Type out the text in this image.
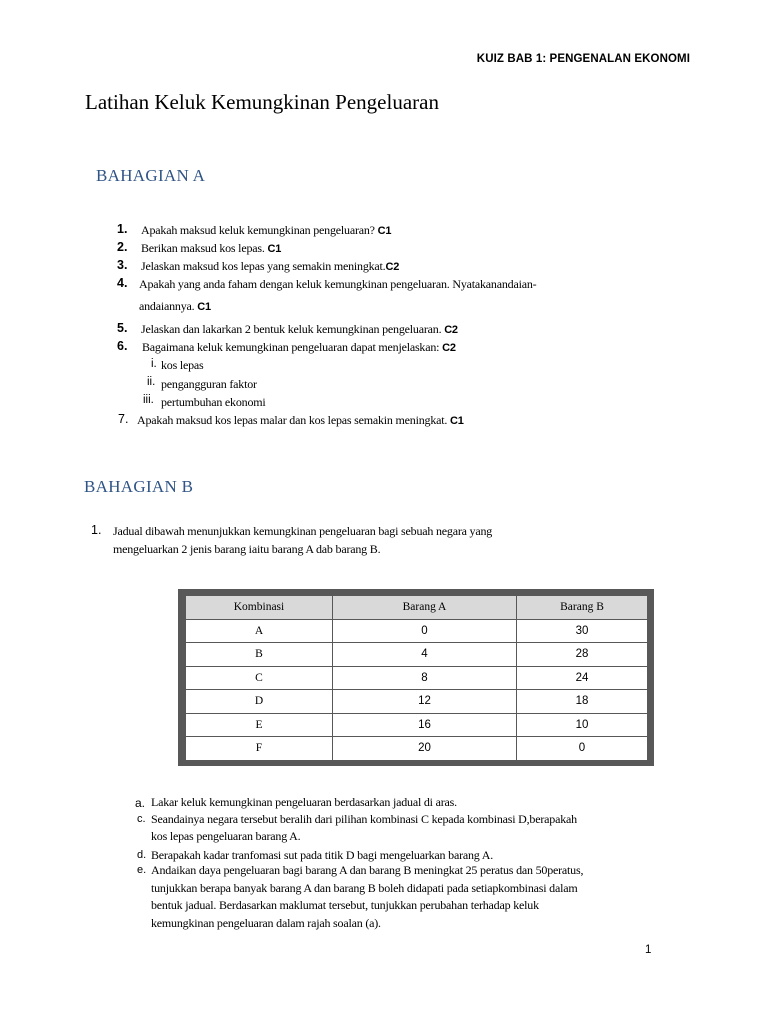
KUIZ BAB 1: PENGENALAN EKONOMI
Latihan Keluk Kemungkinan Pengeluaran
BAHAGIAN A
1. Apakah maksud keluk kemungkinan pengeluaran? C1
2. Berikan maksud kos lepas. C1
3. Jelaskan maksud kos lepas yang semakin meningkat.C2
4. Apakah yang anda faham dengan keluk kemungkinan pengeluaran. Nyatakanandaian-
andaiannya. C1
5. Jelaskan dan lakarkan 2 bentuk keluk kemungkinan pengeluaran. C2
6. Bagaimana keluk kemungkinan pengeluaran dapat menjelaskan: C2
i. kos lepas
ii. pengangguran faktor
iii. pertumbuhan ekonomi
7. Apakah maksud kos lepas malar dan kos lepas semakin meningkat. C1
BAHAGIAN B
1. Jadual dibawah menunjukkan kemungkinan pengeluaran bagi sebuah negara yang
mengeluarkan 2 jenis barang iaitu barang A dab barang B.
Kombinasi	Barang A	Barang B
A	0	30
B	4	28
C	8	24
D	12	18
E	16	10
F	20	0
a. Lakar keluk kemungkinan pengeluaran berdasarkan jadual di aras.
c. Seandainya negara tersebut beralih dari pilihan kombinasi C kepada kombinasi D,berapakah
kos lepas pengeluaran barang A.
d. Berapakah kadar tranfomasi sut pada titik D bagi mengeluarkan barang A.
e. Andaikan daya pengeluaran bagi barang A dan barang B meningkat 25 peratus dan 50peratus,
tunjukkan berapa banyak barang A dan barang B boleh didapati pada setiapkombinasi dalam
bentuk jadual. Berdasarkan maklumat tersebut, tunjukkan perubahan terhadap keluk
kemungkinan pengeluaran dalam rajah soalan (a).
1
